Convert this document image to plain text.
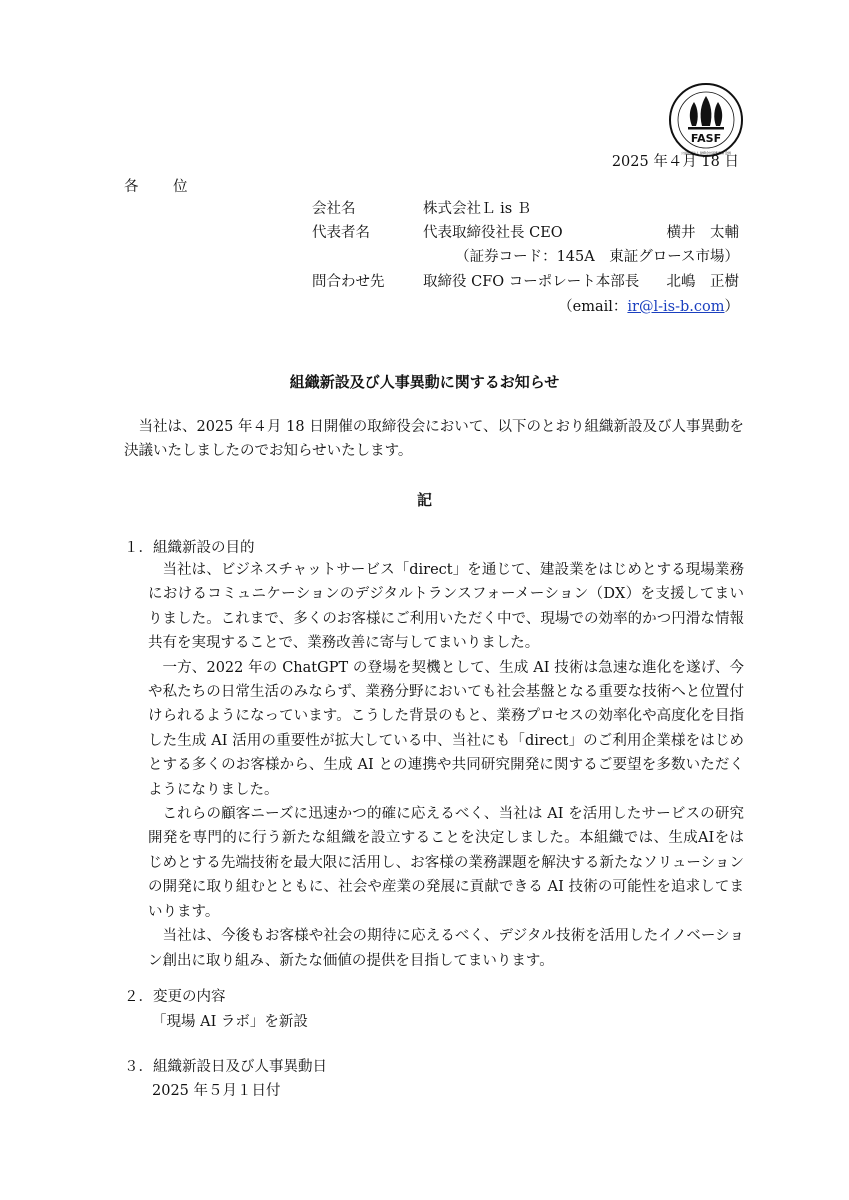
FASF
公益財団法人 財務会計基準機構 会員
2025 年４月 18 日
各　位
会社名	株式会社Ｌ is Ｂ
代表者名	代表取締役社長 CEO	横井　太輔
（証券コード：145A　東証グロース市場）
問合わせ先	取締役 CFO コーポレート本部長 北嶋　正樹
（email：ir@l-is-b.com）
組織新設及び人事異動に関するお知らせ

当社は、2025 年４月 18 日開催の取締役会において、以下のとおり組織新設及び人事異動を決議いたしましたのでお知らせいたします。

記
１．組織新設の目的

当社は、ビジネスチャットサービス「direct」を通じて、建設業をはじめとする現場業務におけるコミュニケーションのデジタルトランスフォーメーション（DX）を支援してまいりました。これまで、多くのお客様にご利用いただく中で、現場での効率的かつ円滑な情報共有を実現することで、業務改善に寄与してまいりました。

一方、2022 年の ChatGPT の登場を契機として、生成 AI 技術は急速な進化を遂げ、今や私たちの日常生活のみならず、業務分野においても社会基盤となる重要な技術へと位置付けられるようになっています。こうした背景のもと、業務プロセスの効率化や高度化を目指した生成 AI 活用の重要性が拡大している中、当社にも「direct」のご利用企業様をはじめとする多くのお客様から、生成 AI との連携や共同研究開発に関するご要望を多数いただくようになりました。

これらの顧客ニーズに迅速かつ的確に応えるべく、当社は AI を活用したサービスの研究開発を専門的に行う新たな組織を設立することを決定しました。本組織では、生成AIをはじめとする先端技術を最大限に活用し、お客様の業務課題を解決する新たなソリューションの開発に取り組むとともに、社会や産業の発展に貢献できる AI 技術の可能性を追求してまいります。

当社は、今後もお客様や社会の期待に応えるべく、デジタル技術を活用したイノベーション創出に取り組み、新たな価値の提供を目指してまいります。

２．変更の内容
「現場 AI ラボ」を新設
３．組織新設日及び人事異動日
2025 年５月１日付
